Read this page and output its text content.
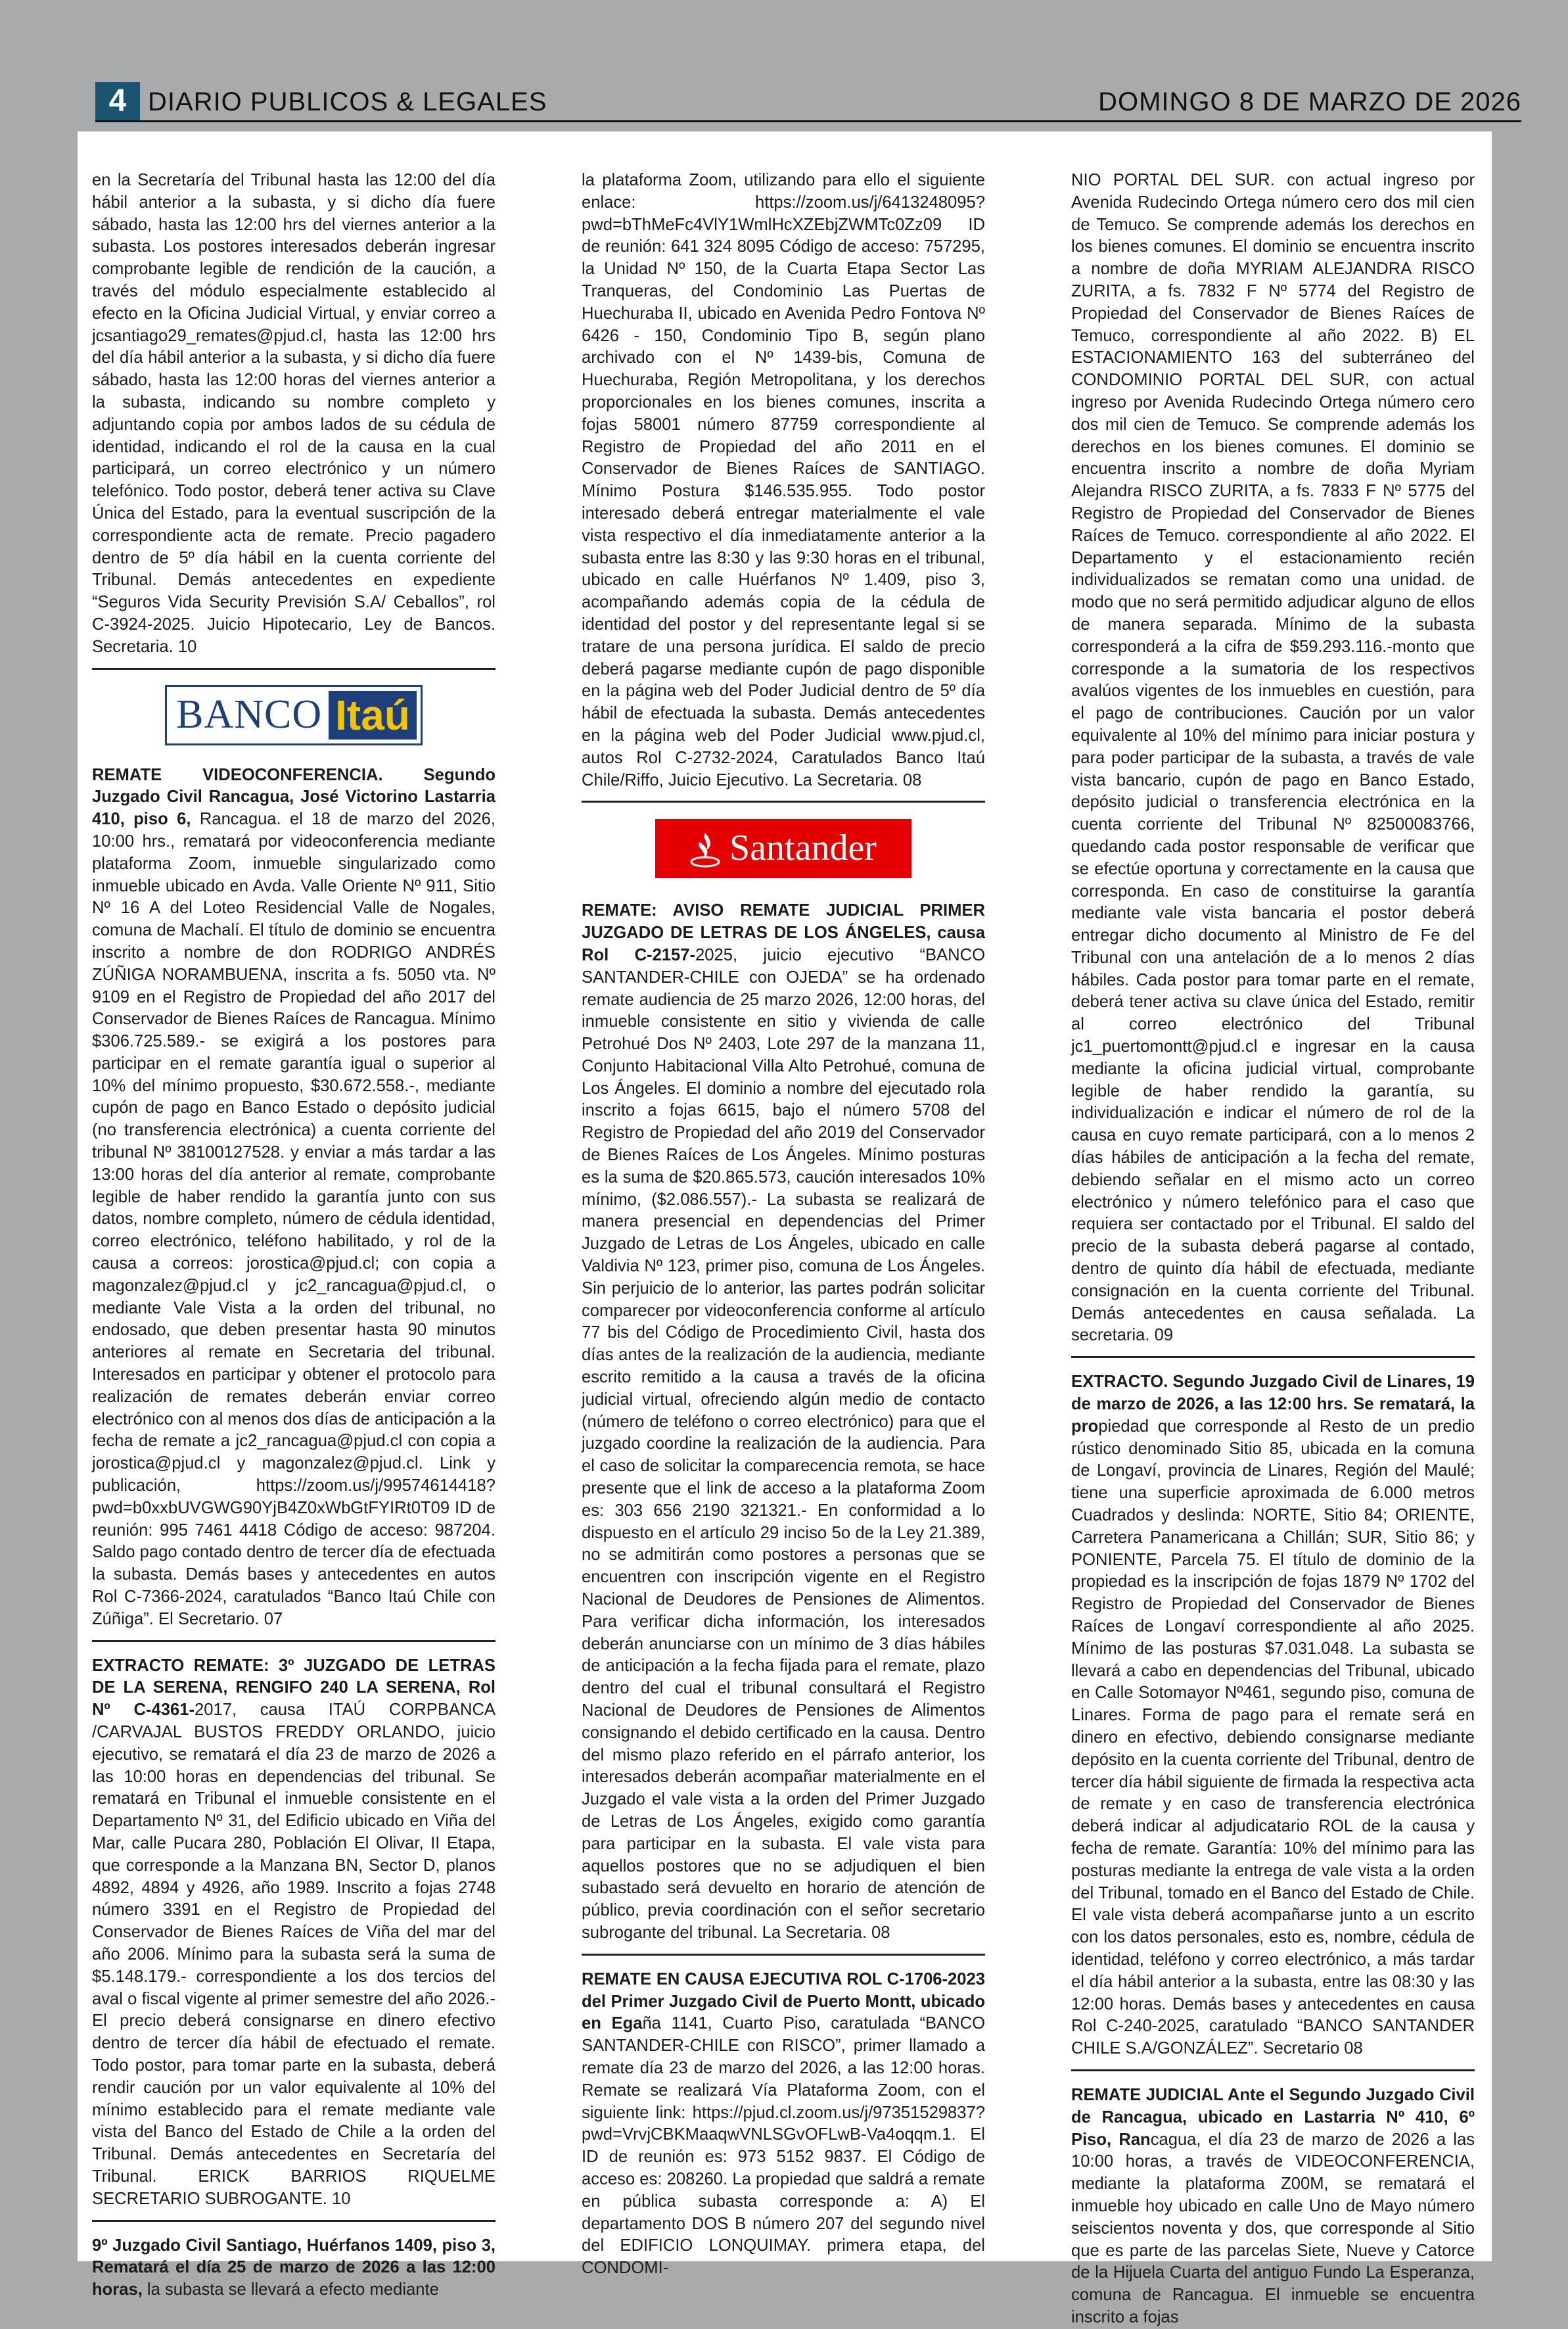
4 DIARIO PUBLICOS & LEGALES	DOMINGO 8 DE MARZO DE 2026

en la Secretaría del Tribunal hasta las 12:00 del día hábil anterior a la subasta, y si dicho día fuere sábado, hasta las 12:00 hrs del viernes anterior a la subasta. Los postores interesados deberán ingresar comprobante legible de rendición de la caución, a través del módulo especialmente establecido al efecto en la Oficina Judicial Virtual, y enviar correo a jcsantiago29_remates@pjud.cl, hasta las 12:00 hrs del día hábil anterior a la subasta, y si dicho día fuere sábado, hasta las 12:00 horas del viernes anterior a la subasta, indicando su nombre completo y adjuntando copia por ambos lados de su cédula de identidad, indicando el rol de la causa en la cual participará, un correo electrónico y un número telefónico. Todo postor, deberá tener activa su Clave Única del Estado, para la eventual suscripción de la correspondiente acta de remate. Precio pagadero dentro de 5º día hábil en la cuenta corriente del Tribunal. Demás antecedentes en expediente “Seguros Vida Security Previsión S.A/ Ceballos”, rol C-3924-2025. Juicio Hipotecario, Ley de Bancos. Secretaria. 10

BANCO Itaú

REMATE VIDEOCONFERENCIA. Segundo Juzgado Civil Rancagua, José Victorino Lastarria 410, piso 6, Rancagua. el 18 de marzo del 2026, 10:00 hrs., rematará por videoconferencia mediante plataforma Zoom, inmueble singularizado como inmueble ubicado en Avda. Valle Oriente Nº 911, Sitio Nº 16 A del Loteo Residencial Valle de Nogales, comuna de Machalí. El título de dominio se encuentra inscrito a nombre de don RODRIGO ANDRÉS ZÚÑIGA NORAMBUENA, inscrita a fs. 5050 vta. Nº 9109 en el Registro de Propiedad del año 2017 del Conservador de Bienes Raíces de Rancagua. Mínimo $306.725.589.- se exigirá a los postores para participar en el remate garantía igual o superior al 10% del mínimo propuesto, $30.672.558.-, mediante cupón de pago en Banco Estado o depósito judicial (no transferencia electrónica) a cuenta corriente del tribunal Nº 38100127528. y enviar a más tardar a las 13:00 horas del día anterior al remate, comprobante legible de haber rendido la garantía junto con sus datos, nombre completo, número de cédula identidad, correo electrónico, teléfono habilitado, y rol de la causa a correos: jorostica@pjud.cl; con copia a magonzalez@pjud.cl y jc2_rancagua@pjud.cl, o mediante Vale Vista a la orden del tribunal, no endosado, que deben presentar hasta 90 minutos anteriores al remate en Secretaria del tribunal. Interesados en participar y obtener el protocolo para realización de remates deberán enviar correo electrónico con al menos dos días de anticipación a la fecha de remate a jc2_rancagua@pjud.cl con copia a jorostica@pjud.cl y magonzalez@pjud.cl. Link y publicación, https://zoom.us/j/99574614418?pwd=b0xxbUVGWG90YjB4Z0xWbGtFYIRt0T09 ID de reunión: 995 7461 4418 Código de acceso: 987204. Saldo pago contado dentro de tercer día de efectuada la subasta. Demás bases y antecedentes en autos Rol C-7366-2024, caratulados “Banco Itaú Chile con Zúñiga”. El Secretario. 07

EXTRACTO REMATE: 3º JUZGADO DE LETRAS DE LA SERENA, RENGIFO 240 LA SERENA, Rol Nº C-4361-2017, causa ITAÚ CORPBANCA /CARVAJAL BUSTOS FREDDY ORLANDO, juicio ejecutivo, se rematará el día 23 de marzo de 2026 a las 10:00 horas en dependencias del tribunal. Se rematará en Tribunal el inmueble consistente en el Departamento Nº 31, del Edificio ubicado en Viña del Mar, calle Pucara 280, Población El Olivar, II Etapa, que corresponde a la Manzana BN, Sector D, planos 4892, 4894 y 4926, año 1989. Inscrito a fojas 2748 número 3391 en el Registro de Propiedad del Conservador de Bienes Raíces de Viña del mar del año 2006. Mínimo para la subasta será la suma de $5.148.179.- correspondiente a los dos tercios del aval o fiscal vigente al primer semestre del año 2026.- El precio deberá consignarse en dinero efectivo dentro de tercer día hábil de efectuado el remate. Todo postor, para tomar parte en la subasta, deberá rendir caución por un valor equivalente al 10% del mínimo establecido para el remate mediante vale vista del Banco del Estado de Chile a la orden del Tribunal. Demás antecedentes en Secretaría del Tribunal. ERICK BARRIOS RIQUELME SECRETARIO SUBROGANTE. 10

9º Juzgado Civil Santiago, Huérfanos 1409, piso 3, Rematará el día 25 de marzo de 2026 a las 12:00 horas, la subasta se llevará a efecto mediante

la plataforma Zoom, utilizando para ello el siguiente enlace: https://zoom.us/j/6413248095?pwd=bThMeFc4VlY1WmlHcXZEbjZWMTc0Zz09 ID de reunión: 641 324 8095 Código de acceso: 757295, la Unidad Nº 150, de la Cuarta Etapa Sector Las Tranqueras, del Condominio Las Puertas de Huechuraba II, ubicado en Avenida Pedro Fontova Nº 6426 - 150, Condominio Tipo B, según plano archivado con el Nº 1439-bis, Comuna de Huechuraba, Región Metropolitana, y los derechos proporcionales en los bienes comunes, inscrita a fojas 58001 número 87759 correspondiente al Registro de Propiedad del año 2011 en el Conservador de Bienes Raíces de SANTIAGO. Mínimo Postura $146.535.955. Todo postor interesado deberá entregar materialmente el vale vista respectivo el día inmediatamente anterior a la subasta entre las 8:30 y las 9:30 horas en el tribunal, ubicado en calle Huérfanos Nº 1.409, piso 3, acompañando además copia de la cédula de identidad del postor y del representante legal si se tratare de una persona jurídica. El saldo de precio deberá pagarse mediante cupón de pago disponible en la página web del Poder Judicial dentro de 5º día hábil de efectuada la subasta. Demás antecedentes en la página web del Poder Judicial www.pjud.cl, autos Rol C-2732-2024, Caratulados Banco Itaú Chile/Riffo, Juicio Ejecutivo. La Secretaria. 08

Santander

REMATE: AVISO REMATE JUDICIAL PRIMER JUZGADO DE LETRAS DE LOS ÁNGELES, causa Rol C-2157-2025, juicio ejecutivo “BANCO SANTANDER-CHILE con OJEDA” se ha ordenado remate audiencia de 25 marzo 2026, 12:00 horas, del inmueble consistente en sitio y vivienda de calle Petrohué Dos Nº 2403, Lote 297 de la manzana 11, Conjunto Habitacional Villa Alto Petrohué, comuna de Los Ángeles. El dominio a nombre del ejecutado rola inscrito a fojas 6615, bajo el número 5708 del Registro de Propiedad del año 2019 del Conservador de Bienes Raíces de Los Ángeles. Mínimo posturas es la suma de $20.865.573, caución interesados 10% mínimo, ($2.086.557).- La subasta se realizará de manera presencial en dependencias del Primer Juzgado de Letras de Los Ángeles, ubicado en calle Valdivia Nº 123, primer piso, comuna de Los Ángeles. Sin perjuicio de lo anterior, las partes podrán solicitar comparecer por videoconferencia conforme al artículo 77 bis del Código de Procedimiento Civil, hasta dos días antes de la realización de la audiencia, mediante escrito remitido a la causa a través de la oficina judicial virtual, ofreciendo algún medio de contacto (número de teléfono o correo electrónico) para que el juzgado coordine la realización de la audiencia. Para el caso de solicitar la comparecencia remota, se hace presente que el link de acceso a la plataforma Zoom es: 303 656 2190 321321.- En conformidad a lo dispuesto en el artículo 29 inciso 5o de la Ley 21.389, no se admitirán como postores a personas que se encuentren con inscripción vigente en el Registro Nacional de Deudores de Pensiones de Alimentos. Para verificar dicha información, los interesados deberán anunciarse con un mínimo de 3 días hábiles de anticipación a la fecha fijada para el remate, plazo dentro del cual el tribunal consultará el Registro Nacional de Deudores de Pensiones de Alimentos consignando el debido certificado en la causa. Dentro del mismo plazo referido en el párrafo anterior, los interesados deberán acompañar materialmente en el Juzgado el vale vista a la orden del Primer Juzgado de Letras de Los Ángeles, exigido como garantía para participar en la subasta. El vale vista para aquellos postores que no se adjudiquen el bien subastado será devuelto en horario de atención de público, previa coordinación con el señor secretario subrogante del tribunal. La Secretaria. 08

REMATE EN CAUSA EJECUTIVA ROL C-1706-2023 del Primer Juzgado Civil de Puerto Montt, ubicado en Egaña 1141, Cuarto Piso, caratulada “BANCO SANTANDER-CHILE con RISCO”, primer llamado a remate día 23 de marzo del 2026, a las 12:00 horas. Remate se realizará Vía Plataforma Zoom, con el siguiente link: https://pjud.cl.zoom.us/j/97351529837?pwd=VrvjCBKMaaqwVNLSGvOFLwB-Va4oqqm.1. El ID de reunión es: 973 5152 9837. El Código de acceso es: 208260. La propiedad que saldrá a remate en pública subasta corresponde a: A) El departamento DOS B número 207 del segundo nivel del EDIFICIO LONQUIMAY. primera etapa, del CONDOMI-

NIO PORTAL DEL SUR. con actual ingreso por Avenida Rudecindo Ortega número cero dos mil cien de Temuco. Se comprende además los derechos en los bienes comunes. El dominio se encuentra inscrito a nombre de doña MYRIAM ALEJANDRA RISCO ZURITA, a fs. 7832 F Nº 5774 del Registro de Propiedad del Conservador de Bienes Raíces de Temuco, correspondiente al año 2022. B) EL ESTACIONAMIENTO 163 del subterráneo del CONDOMINIO PORTAL DEL SUR, con actual ingreso por Avenida Rudecindo Ortega número cero dos mil cien de Temuco. Se comprende además los derechos en los bienes comunes. El dominio se encuentra inscrito a nombre de doña Myriam Alejandra RISCO ZURITA, a fs. 7833 F Nº 5775 del Registro de Propiedad del Conservador de Bienes Raíces de Temuco. correspondiente al año 2022. El Departamento y el estacionamiento recién individualizados se rematan como una unidad. de modo que no será permitido adjudicar alguno de ellos de manera separada. Mínimo de la subasta corresponderá a la cifra de $59.293.116.-monto que corresponde a la sumatoria de los respectivos avalúos vigentes de los inmuebles en cuestión, para el pago de contribuciones. Caución por un valor equivalente al 10% del mínimo para iniciar postura y para poder participar de la subasta, a través de vale vista bancario, cupón de pago en Banco Estado, depósito judicial o transferencia electrónica en la cuenta corriente del Tribunal Nº 82500083766, quedando cada postor responsable de verificar que se efectúe oportuna y correctamente en la causa que corresponda. En caso de constituirse la garantía mediante vale vista bancaria el postor deberá entregar dicho documento al Ministro de Fe del Tribunal con una antelación de a lo menos 2 días hábiles. Cada postor para tomar parte en el remate, deberá tener activa su clave única del Estado, remitir al correo electrónico del Tribunal jc1_puertomontt@pjud.cl e ingresar en la causa mediante la oficina judicial virtual, comprobante legible de haber rendido la garantía, su individualización e indicar el número de rol de la causa en cuyo remate participará, con a lo menos 2 días hábiles de anticipación a la fecha del remate, debiendo señalar en el mismo acto un correo electrónico y número telefónico para el caso que requiera ser contactado por el Tribunal. El saldo del precio de la subasta deberá pagarse al contado, dentro de quinto día hábil de efectuada, mediante consignación en la cuenta corriente del Tribunal. Demás antecedentes en causa señalada. La secretaria. 09

EXTRACTO. Segundo Juzgado Civil de Linares, 19 de marzo de 2026, a las 12:00 hrs. Se rematará, la propiedad que corresponde al Resto de un predio rústico denominado Sitio 85, ubicada en la comuna de Longaví, provincia de Linares, Región del Maulé; tiene una superficie aproximada de 6.000 metros Cuadrados y deslinda: NORTE, Sitio 84; ORIENTE, Carretera Panamericana a Chillán; SUR, Sitio 86; y PONIENTE, Parcela 75. El título de dominio de la propiedad es la inscripción de fojas 1879 Nº 1702 del Registro de Propiedad del Conservador de Bienes Raíces de Longaví correspondiente al año 2025. Mínimo de las posturas $7.031.048. La subasta se llevará a cabo en dependencias del Tribunal, ubicado en Calle Sotomayor Nº461, segundo piso, comuna de Linares. Forma de pago para el remate será en dinero en efectivo, debiendo consignarse mediante depósito en la cuenta corriente del Tribunal, dentro de tercer día hábil siguiente de firmada la respectiva acta de remate y en caso de transferencia electrónica deberá indicar al adjudicatario ROL de la causa y fecha de remate. Garantía: 10% del mínimo para las posturas mediante la entrega de vale vista a la orden del Tribunal, tomado en el Banco del Estado de Chile. El vale vista deberá acompañarse junto a un escrito con los datos personales, esto es, nombre, cédula de identidad, teléfono y correo electrónico, a más tardar el día hábil anterior a la subasta, entre las 08:30 y las 12:00 horas. Demás bases y antecedentes en causa Rol C-240-2025, caratulado “BANCO SANTANDER CHILE S.A/GONZÁLEZ”. Secretario 08

REMATE JUDICIAL Ante el Segundo Juzgado Civil de Rancagua, ubicado en Lastarria Nº 410, 6º Piso, Rancagua, el día 23 de marzo de 2026 a las 10:00 horas, a través de VIDEOCONFERENCIA, mediante la plataforma Z00M, se rematará el inmueble hoy ubicado en calle Uno de Mayo número seiscientos noventa y dos, que corresponde al Sitio que es parte de las parcelas Siete, Nueve y Catorce de la Hijuela Cuarta del antiguo Fundo La Esperanza, comuna de Rancagua. El inmueble se encuentra inscrito a fojas
